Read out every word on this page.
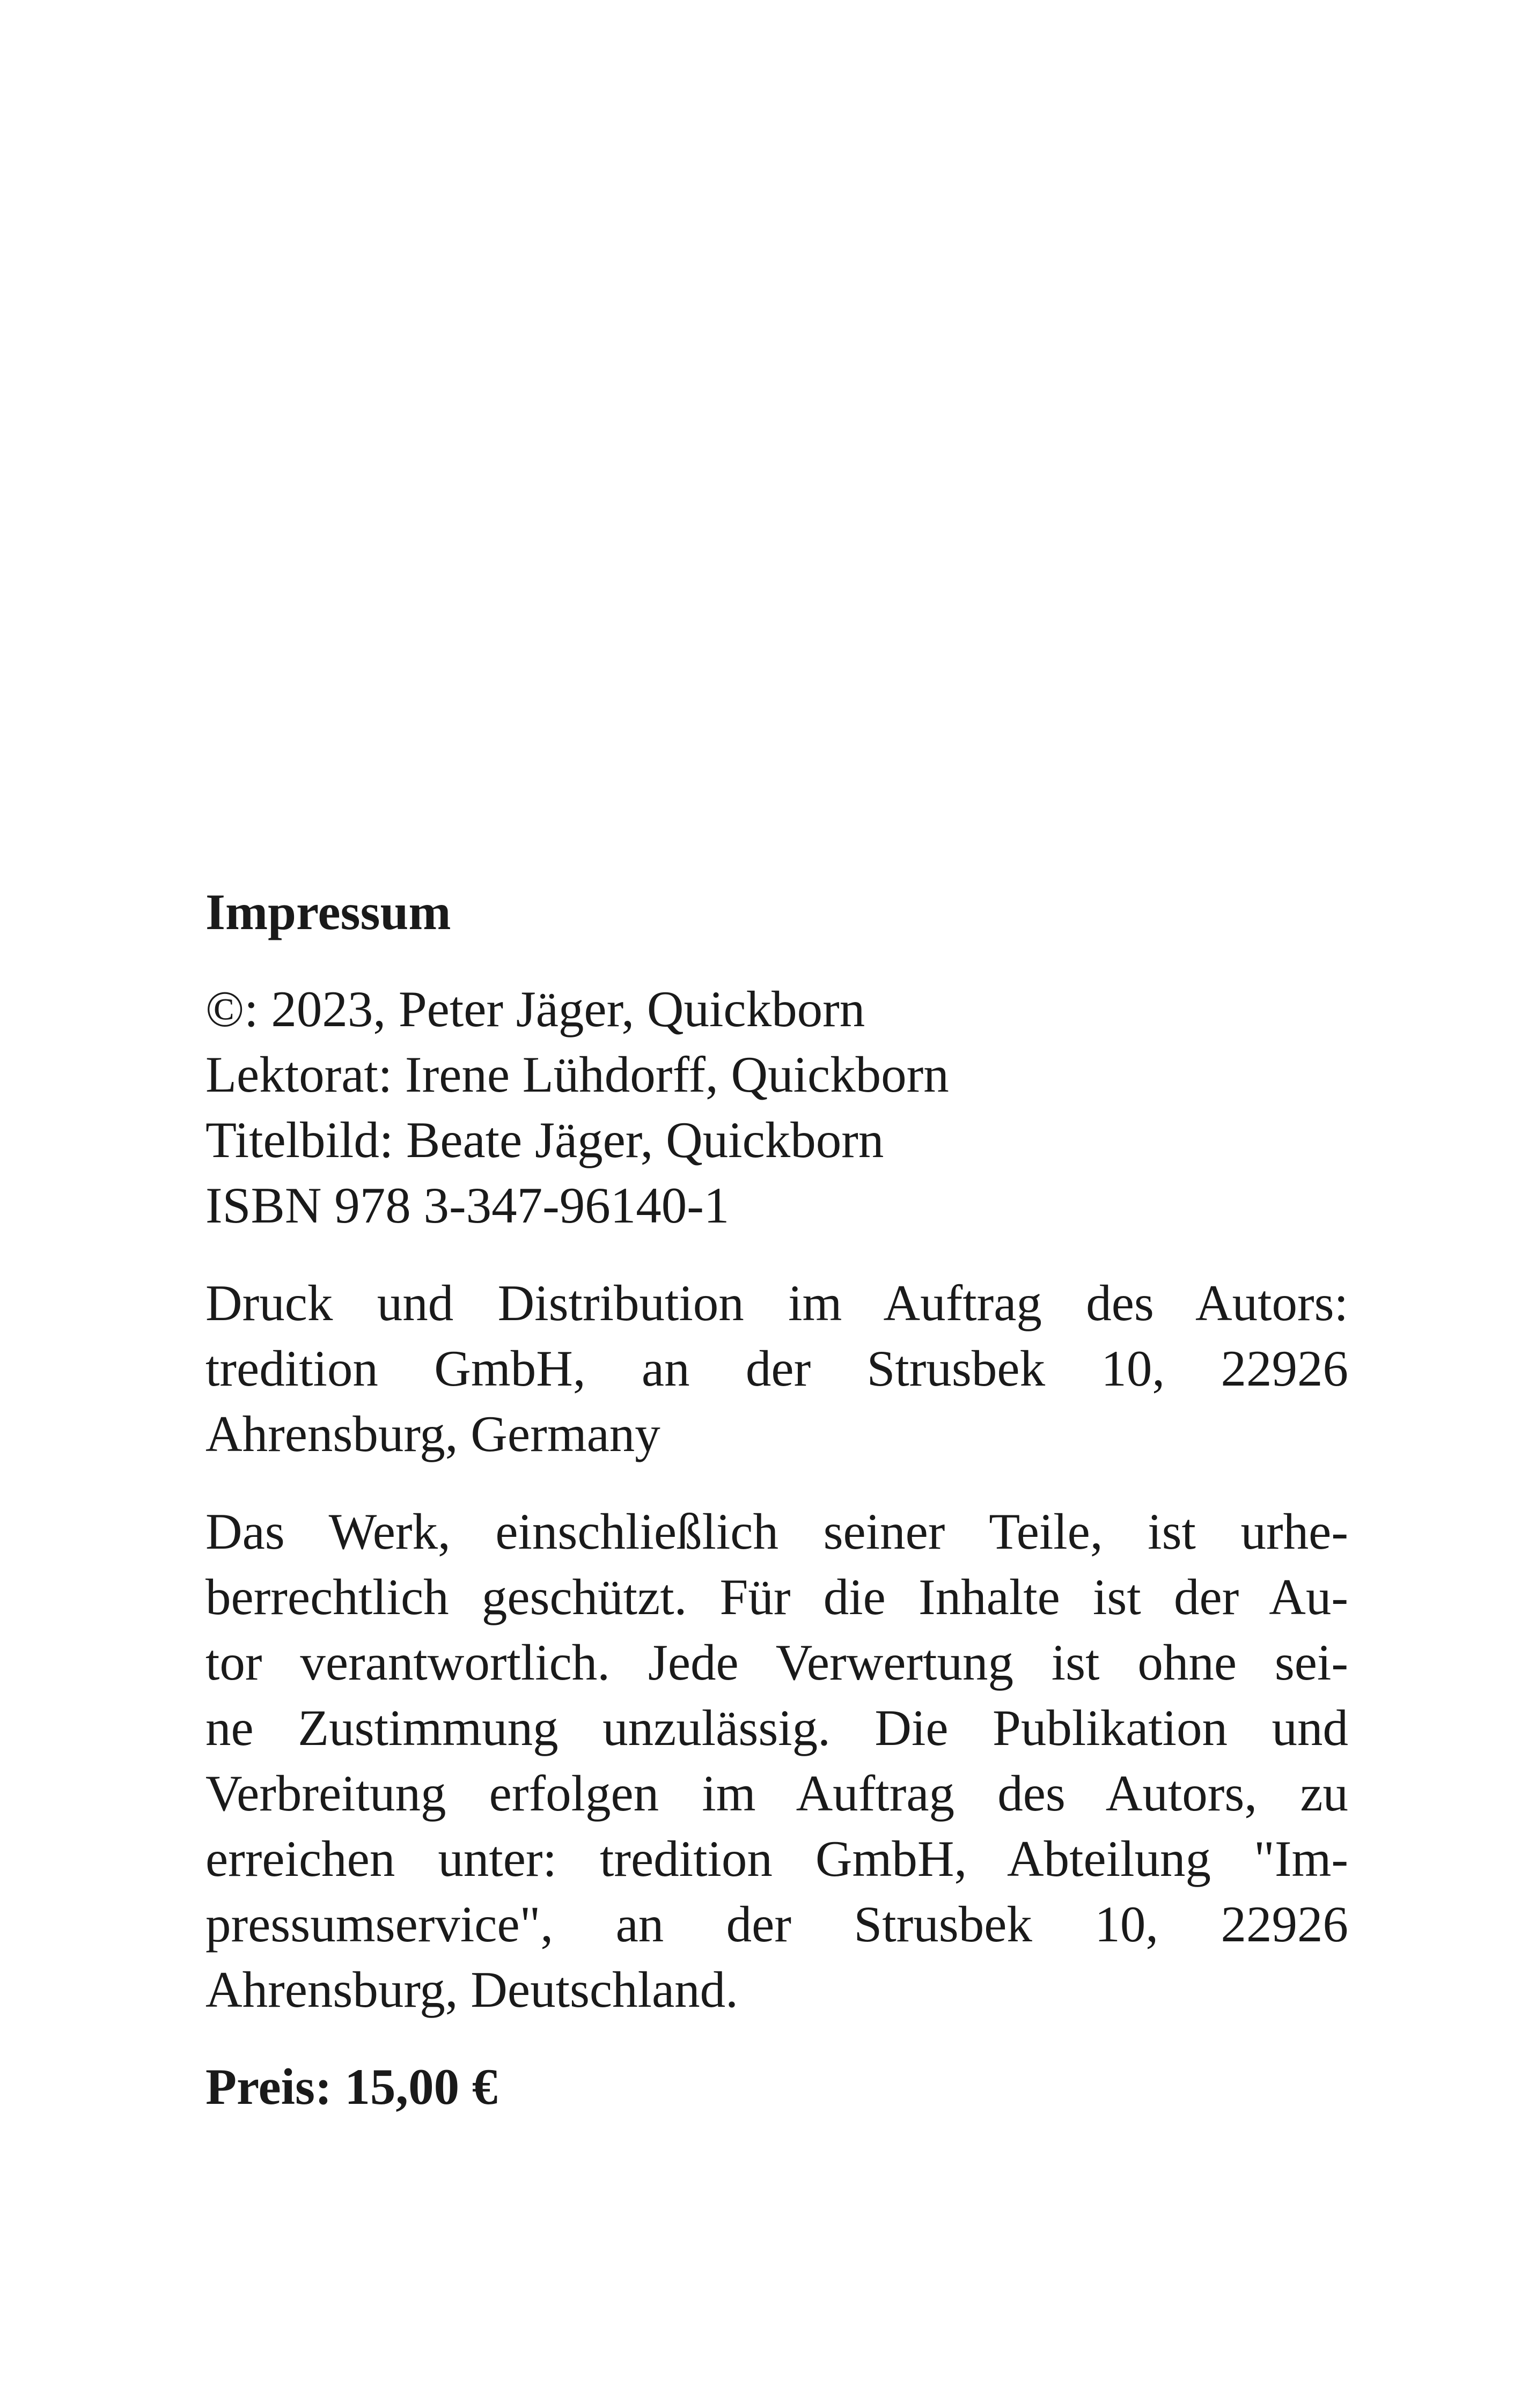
Impressum
©: 2023, Peter Jäger, Quickborn
Lektorat: Irene Lühdorff, Quickborn
Titelbild: Beate Jäger, Quickborn
ISBN 978 3-347-96140-1
Druck und Distribution im Auftrag des Autors:
tredition GmbH, an der Strusbek 10, 22926
Ahrensburg, Germany
Das Werk, einschließlich seiner Teile, ist urhe-
berrechtlich geschützt. Für die Inhalte ist der Au-
tor verantwortlich. Jede Verwertung ist ohne sei-
ne Zustimmung unzulässig. Die Publikation und
Verbreitung erfolgen im Auftrag des Autors, zu
erreichen unter: tredition GmbH, Abteilung "Im-
pressumservice", an der Strusbek 10, 22926
Ahrensburg, Deutschland.
Preis: 15,00 €
